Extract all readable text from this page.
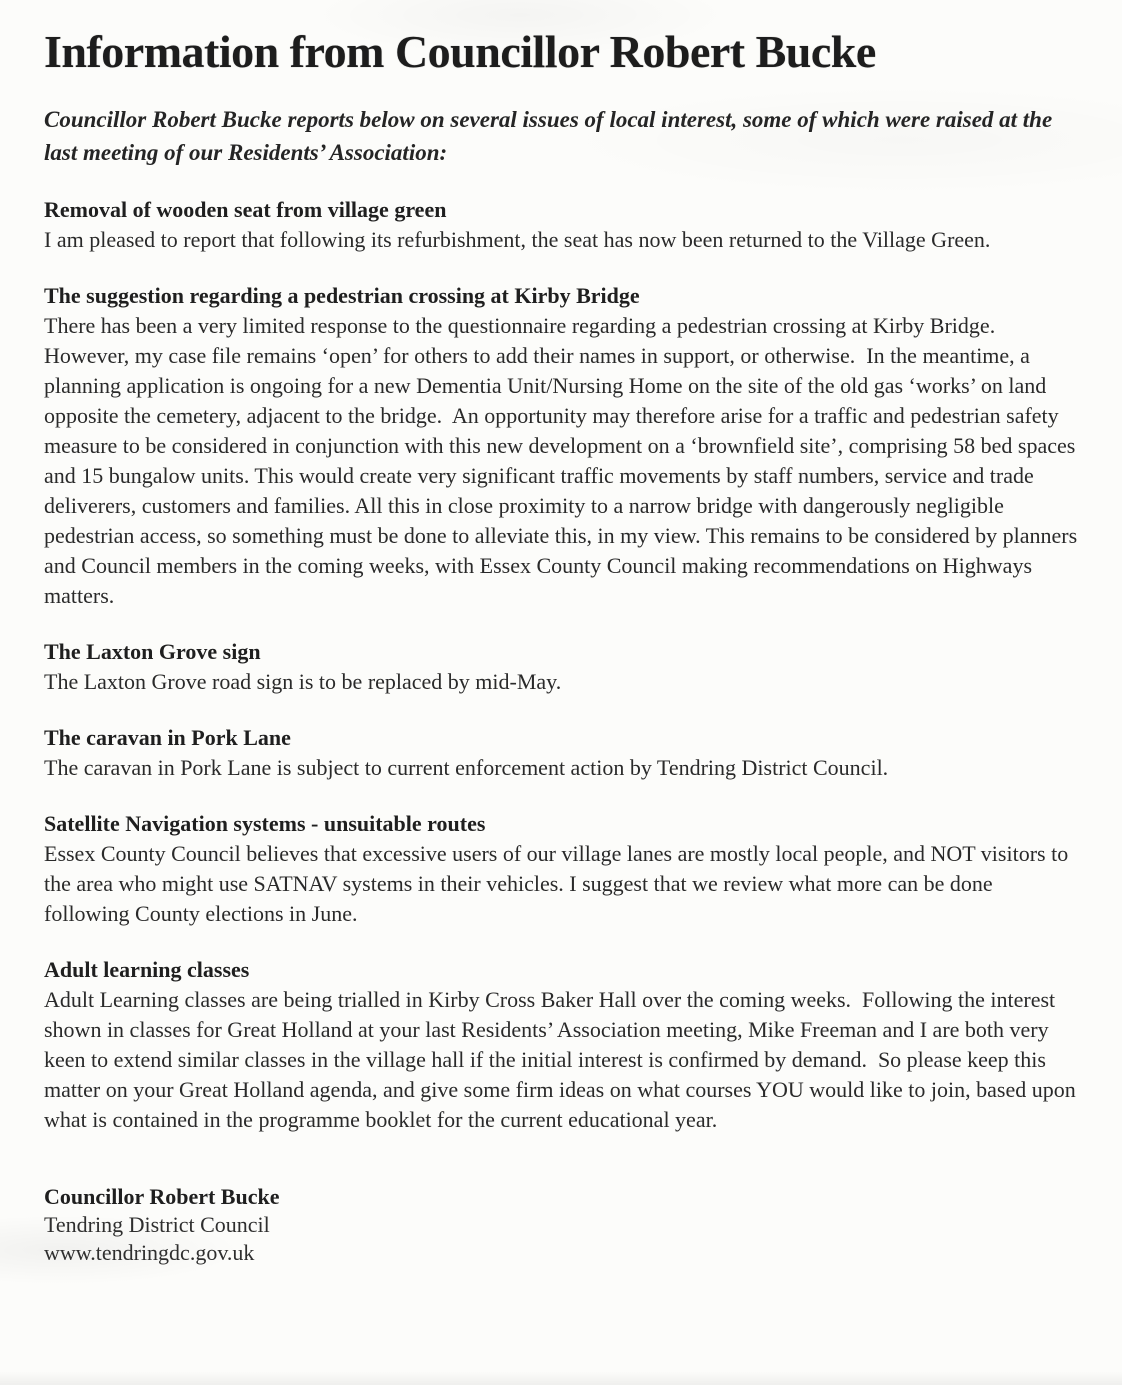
Information from Councillor Robert Bucke

Councillor Robert Bucke reports below on several issues of local interest, some of which were raised at the last meeting of our Residents’ Association:

Removal of wooden seat from village green

I am pleased to report that following its refurbishment, the seat has now been returned to the Village Green.

The suggestion regarding a pedestrian crossing at Kirby Bridge

There has been a very limited response to the questionnaire regarding a pedestrian crossing at Kirby Bridge.  However, my case file remains ‘open’ for others to add their names in support, or otherwise.  In the meantime, a planning application is ongoing for a new Dementia Unit/Nursing Home on the site of the old gas ‘works’ on land opposite the cemetery, adjacent to the bridge.  An opportunity may therefore arise for a traffic and pedestrian safety measure to be considered in conjunction with this new development on a ‘brownfield site’, comprising 58 bed spaces and 15 bungalow units. This would create very significant traffic movements by staff numbers, service and trade deliverers, customers and families. All this in close proximity to a narrow bridge with dangerously negligible pedestrian access, so something must be done to alleviate this, in my view. This remains to be considered by planners and Council members in the coming weeks, with Essex County Council making recommendations on Highways matters.

The Laxton Grove sign

The Laxton Grove road sign is to be replaced by mid-May.

The caravan in Pork Lane

The caravan in Pork Lane is subject to current enforcement action by Tendring District Council.

Satellite Navigation systems - unsuitable routes

Essex County Council believes that excessive users of our village lanes are mostly local people, and NOT visitors to the area who might use SATNAV systems in their vehicles. I suggest that we review what more can be done following County elections in June.

Adult learning classes

Adult Learning classes are being trialled in Kirby Cross Baker Hall over the coming weeks.  Following the interest shown in classes for Great Holland at your last Residents’ Association meeting, Mike Freeman and I are both very keen to extend similar classes in the village hall if the initial interest is confirmed by demand.  So please keep this matter on your Great Holland agenda, and give some firm ideas on what courses YOU would like to join, based upon what is contained in the programme booklet for the current educational year.

Councillor Robert Bucke
Tendring District Council
www.tendringdc.gov.uk
